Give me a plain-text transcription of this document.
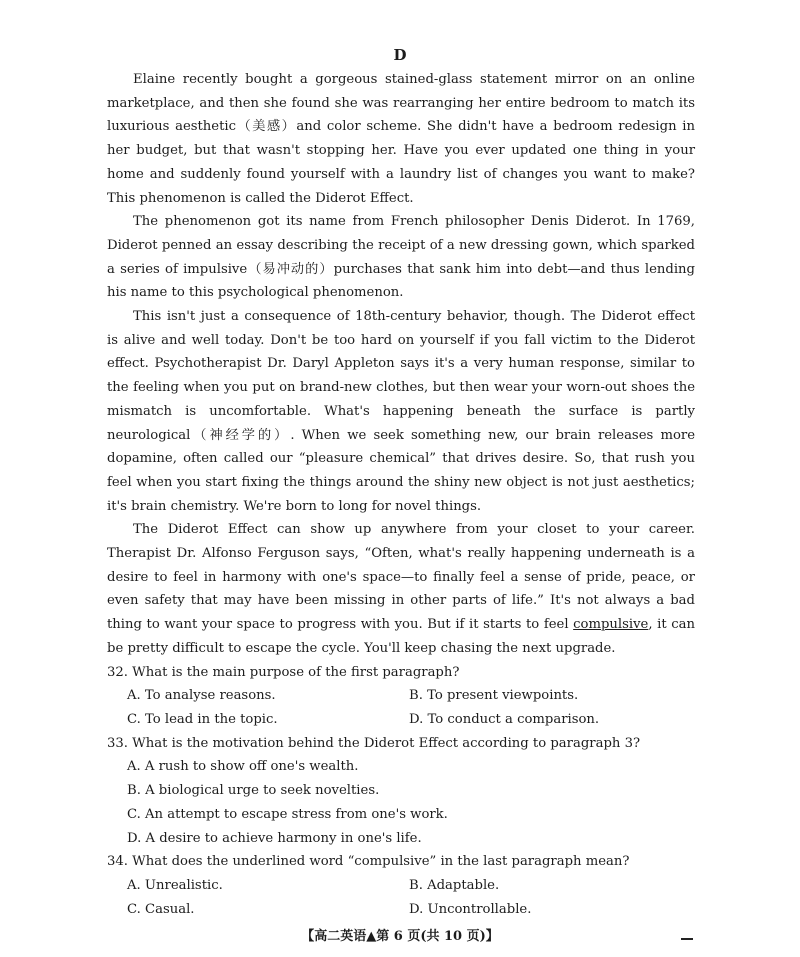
D

Elaine recently bought a gorgeous stained-glass statement mirror on an online marketplace, and then she found she was rearranging her entire bedroom to match its luxurious aesthetic（美感）and color scheme. She didn't have a bedroom redesign in her budget, but that wasn't stopping her. Have you ever updated one thing in your home and suddenly found yourself with a laundry list of changes you want to make? This phenomenon is called the Diderot Effect.

The phenomenon got its name from French philosopher Denis Diderot. In 1769, Diderot penned an essay describing the receipt of a new dressing gown, which sparked a series of impulsive（易冲动的）purchases that sank him into debt—and thus lending his name to this psychological phenomenon.

This isn't just a consequence of 18th-century behavior, though. The Diderot effect is alive and well today. Don't be too hard on yourself if you fall victim to the Diderot effect. Psychotherapist Dr. Daryl Appleton says it's a very human response, similar to the feeling when you put on brand-new clothes, but then wear your worn-out shoes the mismatch is uncomfortable. What's happening beneath the surface is partly neurological（神经学的）. When we seek something new, our brain releases more dopamine, often called our “pleasure chemical” that drives desire. So, that rush you feel when you start fixing the things around the shiny new object is not just aesthetics; it's brain chemistry. We're born to long for novel things.

The Diderot Effect can show up anywhere from your closet to your career. Therapist Dr. Alfonso Ferguson says, “Often, what's really happening underneath is a desire to feel in harmony with one's space—to finally feel a sense of pride, peace, or even safety that may have been missing in other parts of life.” It's not always a bad thing to want your space to progress with you. But if it starts to feel compulsive, it can be pretty difficult to escape the cycle. You'll keep chasing the next upgrade.

32. What is the main purpose of the first paragraph?

A. To analyse reasons.	B. To present viewpoints.
C. To lead in the topic.	D. To conduct a comparison.

33. What is the motivation behind the Diderot Effect according to paragraph 3?

A. A rush to show off one's wealth.
B. A biological urge to seek novelties.
C. An attempt to escape stress from one's work.
D. A desire to achieve harmony in one's life.

34. What does the underlined word “compulsive” in the last paragraph mean?

A. Unrealistic.	B. Adaptable.
C. Casual.	D. Uncontrollable.
【高二英语▲第 6 页(共 10 页)】
